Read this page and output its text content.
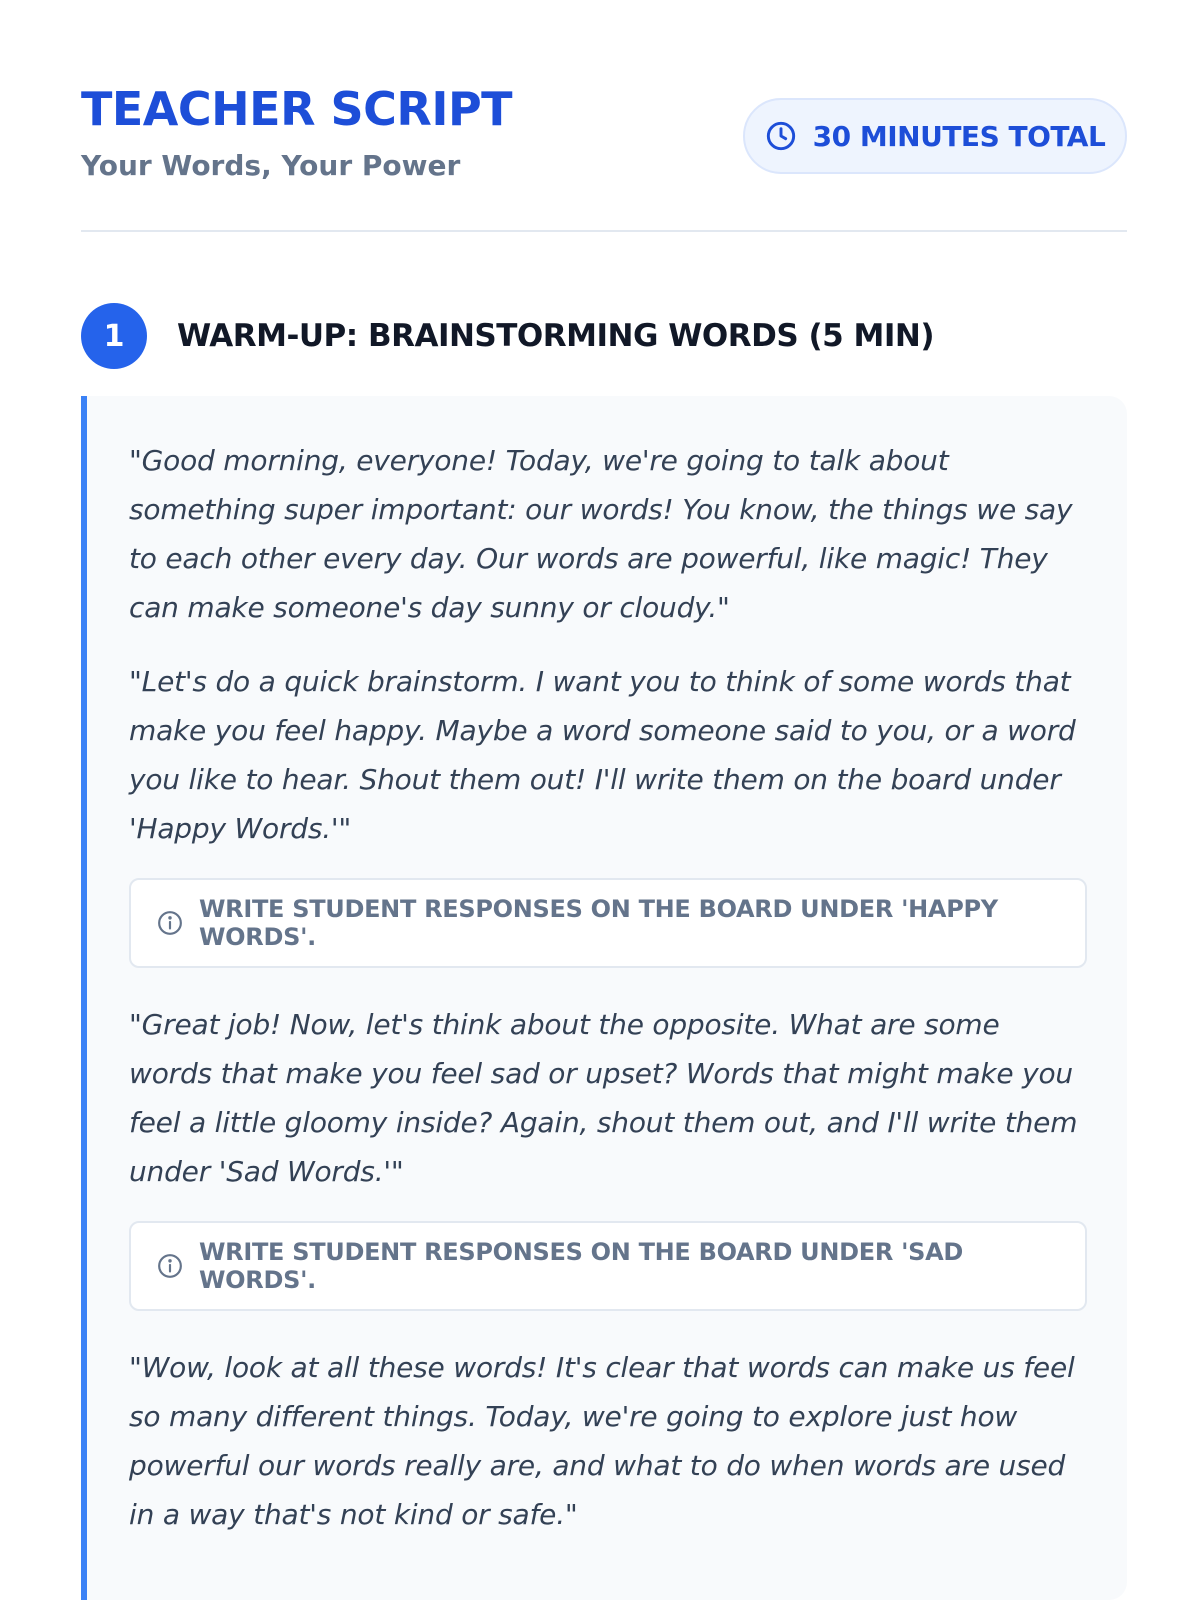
TEACHER SCRIPT
Your Words, Your Power
30 MINUTES TOTAL
1	WARM-UP: BRAINSTORMING WORDS (5 MIN)

"Good morning, everyone! Today, we're going to talk about something super important: our words! You know, the things we say to each other every day. Our words are powerful, like magic! They can make someone's day sunny or cloudy."

"Let's do a quick brainstorm. I want you to think of some words that make you feel happy. Maybe a word someone said to you, or a word you like to hear. Shout them out! I'll write them on the board under 'Happy Words.'"

WRITE STUDENT RESPONSES ON THE BOARD UNDER 'HAPPY WORDS'.

"Great job! Now, let's think about the opposite. What are some words that make you feel sad or upset? Words that might make you feel a little gloomy inside? Again, shout them out, and I'll write them under 'Sad Words.'"

WRITE STUDENT RESPONSES ON THE BOARD UNDER 'SAD WORDS'.

"Wow, look at all these words! It's clear that words can make us feel so many different things. Today, we're going to explore just how powerful our words really are, and what to do when words are used in a way that's not kind or safe."
